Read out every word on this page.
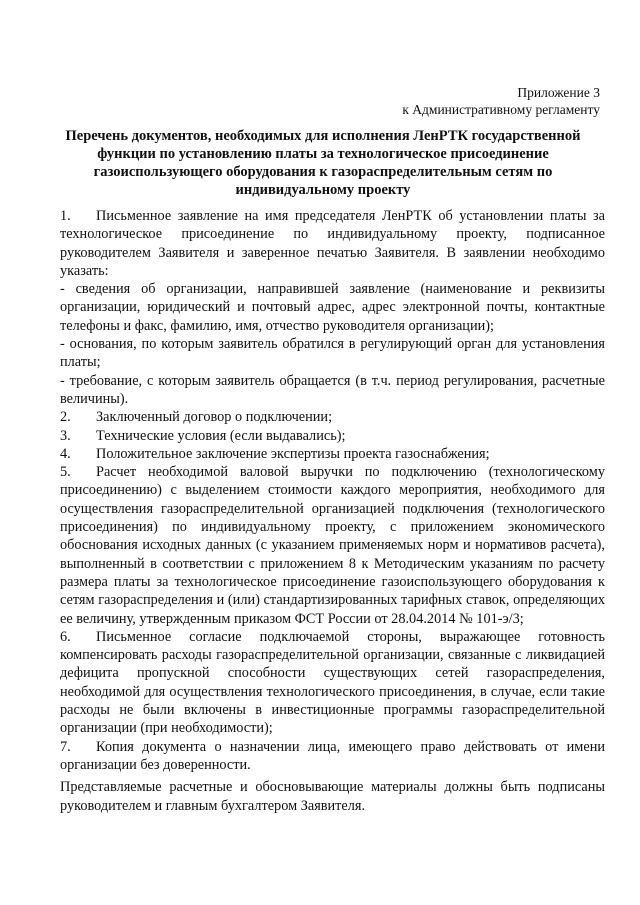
Приложение 3
к Административному регламенту
Перечень документов, необходимых для исполнения ЛенРТК государственной функции по установлению платы за технологическое присоединение газоиспользующего оборудования к газораспределительным сетям по индивидуальному проекту

1. Письменное заявление на имя председателя ЛенРТК об установлении платы за технологическое присоединение по индивидуальному проекту, подписанное руководителем Заявителя и заверенное печатью Заявителя. В заявлении необходимо указать:

- сведения об организации, направившей заявление (наименование и реквизиты организации, юридический и почтовый адрес, адрес электронной почты, контактные телефоны и факс, фамилию, имя, отчество руководителя организации);

- основания, по которым заявитель обратился в регулирующий орган для установления платы;

- требование, с которым заявитель обращается (в т.ч. период регулирования, расчетные величины).

2. Заключенный договор о подключении;

3. Технические условия (если выдавались);

4. Положительное заключение экспертизы проекта газоснабжения;

5. Расчет необходимой валовой выручки по подключению (технологическому присоединению) с выделением стоимости каждого мероприятия, необходимого для осуществления газораспределительной организацией подключения (технологического присоединения) по индивидуальному проекту, с приложением экономического обоснования исходных данных (с указанием применяемых норм и нормативов расчета), выполненный в соответствии с приложением 8 к Методическим указаниям по расчету размера платы за технологическое присоединение газоиспользующего оборудования к сетям газораспределения и (или) стандартизированных тарифных ставок, определяющих ее величину, утвержденным приказом ФСТ России от 28.04.2014 № 101-э/3;

6. Письменное согласие подключаемой стороны, выражающее готовность компенсировать расходы газораспределительной организации, связанные с ликвидацией дефицита пропускной способности существующих сетей газораспределения, необходимой для осуществления технологического присоединения, в случае, если такие расходы не были включены в инвестиционные программы газораспределительной организации (при необходимости);

7. Копия документа о назначении лица, имеющего право действовать от имени организации без доверенности.

Представляемые расчетные и обосновывающие материалы должны быть подписаны руководителем и главным бухгалтером Заявителя.
